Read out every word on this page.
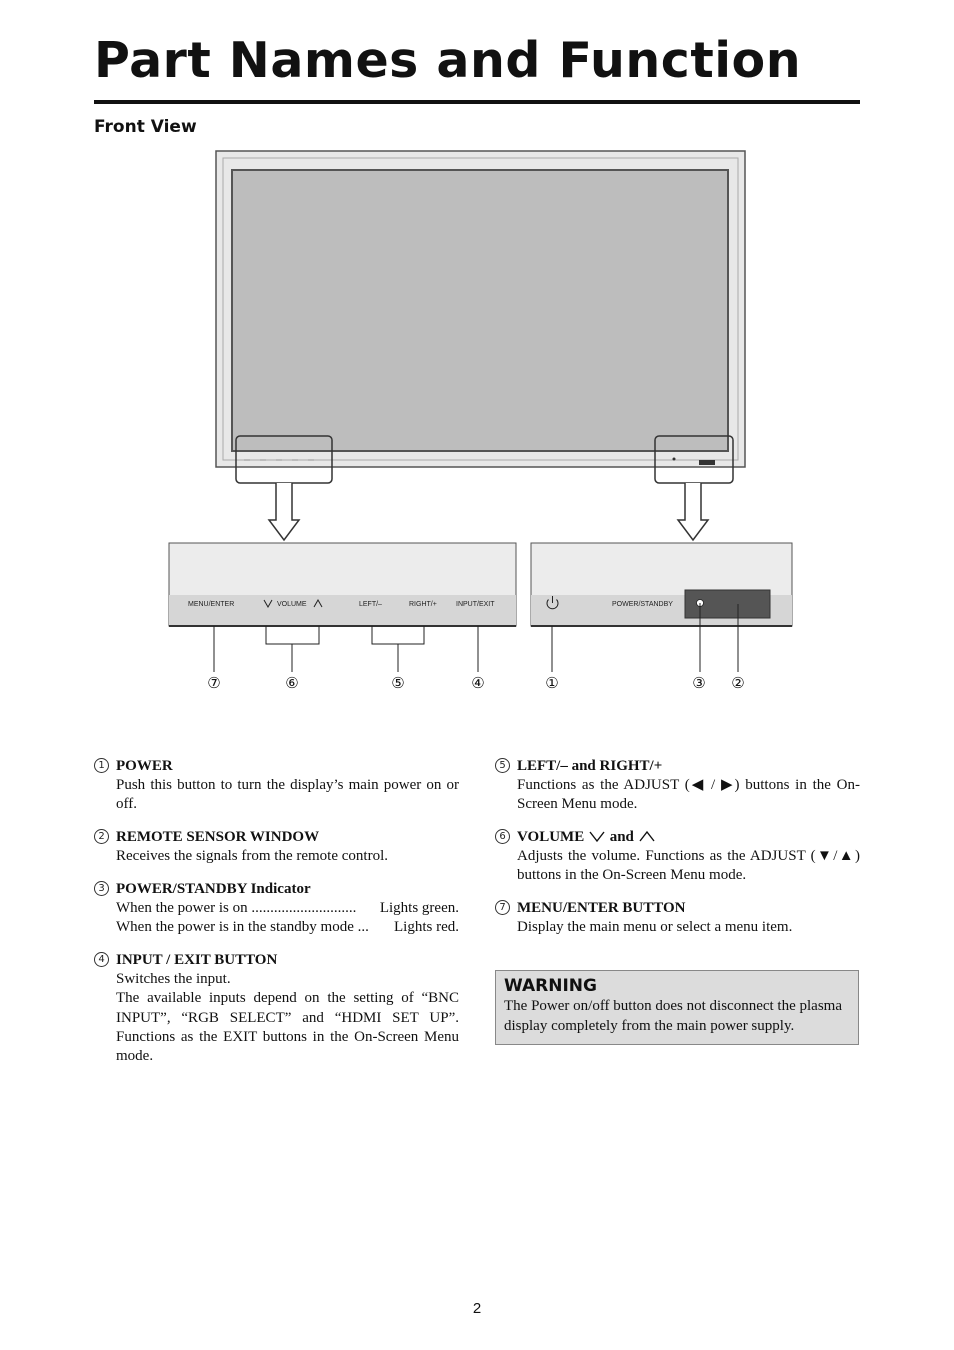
Part Names and Function
Front View
MENU/ENTER	VOLUME	LEFT/–	RIGHT/+	INPUT/EXIT	POWER/STANDBY
⑦	⑥	⑤	④	①	③ ②
1 POWER
Push this button to turn the display’s main power on or off.
2 REMOTE SENSOR WINDOW
Receives the signals from the remote control.
3 POWER/STANDBY Indicator
When the power is on ............................ Lights green.
When the power is in the standby mode ... Lights red.
4 INPUT / EXIT BUTTON
Switches the input.
The available inputs depend on the setting of “BNC INPUT”, “RGB SELECT” and “HDMI SET UP”. Functions as the EXIT buttons in the On-Screen Menu mode.
5 LEFT/– and RIGHT/+
Functions as the ADJUST (◀ / ▶) buttons in the On-Screen Menu mode.
6 VOLUME and
Adjusts the volume. Functions as the ADJUST (▼/▲) buttons in the On-Screen Menu mode.
7 MENU/ENTER BUTTON
Display the main menu or select a menu item.
WARNING
The Power on/off button does not disconnect the plasma display completely from the main power supply.
2
